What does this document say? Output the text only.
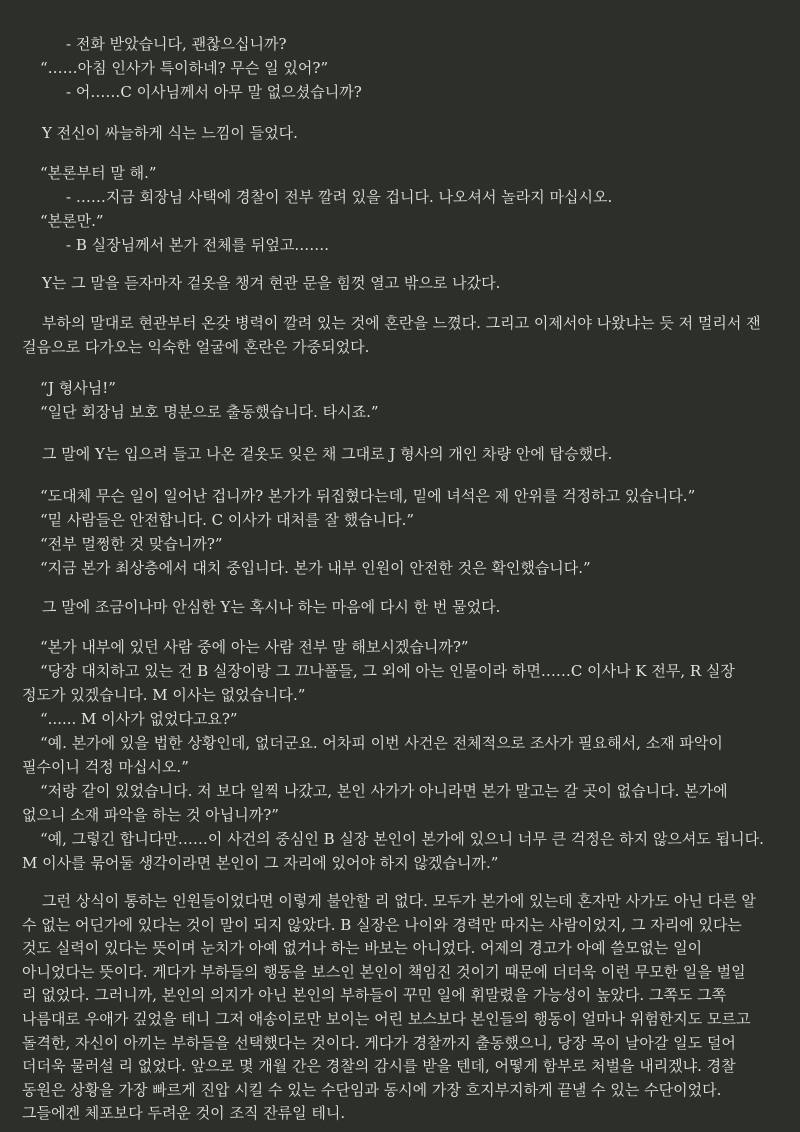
- 전화 받았습니다, 괜찮으십니까?
“……아침 인사가 특이하네? 무슨 일 있어?”
- 어……C 이사님께서 아무 말 없으셨습니까?
Y 전신이 싸늘하게 식는 느낌이 들었다.
“본론부터 말 해.”
- ……지금 회장님 사택에 경찰이 전부 깔려 있을 겁니다. 나오셔서 놀라지 마십시오.
“본론만.”
- B 실장님께서 본가 전체를 뒤엎고…….
Y는 그 말을 듣자마자 겉옷을 챙겨 현관 문을 힘껏 열고 밖으로 나갔다.
부하의 말대로 현관부터 온갖 병력이 깔려 있는 것에 혼란을 느꼈다. 그리고 이제서야 나왔냐는 듯 저 멀리서 잰
걸음으로 다가오는 익숙한 얼굴에 혼란은 가중되었다.
“J 형사님!”
“일단 회장님 보호 명분으로 출동했습니다. 타시죠.”
그 말에 Y는 입으려 들고 나온 겉옷도 잊은 채 그대로 J 형사의 개인 차량 안에 탑승했다.
“도대체 무슨 일이 일어난 겁니까? 본가가 뒤집혔다는데, 밑에 녀석은 제 안위를 걱정하고 있습니다.”
“밑 사람들은 안전합니다. C 이사가 대처를 잘 했습니다.”
“전부 멀쩡한 것 맞습니까?”
“지금 본가 최상층에서 대치 중입니다. 본가 내부 인원이 안전한 것은 확인했습니다.”
그 말에 조금이나마 안심한 Y는 혹시나 하는 마음에 다시 한 번 물었다.
“본가 내부에 있던 사람 중에 아는 사람 전부 말 해보시겠습니까?”
“당장 대치하고 있는 건 B 실장이랑 그 끄나풀들, 그 외에 아는 인물이라 하면……C 이사나 K 전무, R 실장
정도가 있겠습니다. M 이사는 없었습니다.”
“...... M 이사가 없었다고요?”
“예. 본가에 있을 법한 상황인데, 없더군요. 어차피 이번 사건은 전체적으로 조사가 필요해서, 소재 파악이
필수이니 걱정 마십시오.”
“저랑 같이 있었습니다. 저 보다 일찍 나갔고, 본인 사가가 아니라면 본가 말고는 갈 곳이 없습니다. 본가에
없으니 소재 파악을 하는 것 아닙니까?”
“예, 그렇긴 합니다만……이 사건의 중심인 B 실장 본인이 본가에 있으니 너무 큰 걱정은 하지 않으셔도 됩니다.
M 이사를 묶어둘 생각이라면 본인이 그 자리에 있어야 하지 않겠습니까.”
그런 상식이 통하는 인원들이었다면 이렇게 불안할 리 없다. 모두가 본가에 있는데 혼자만 사가도 아닌 다른 알
수 없는 어딘가에 있다는 것이 말이 되지 않았다. B 실장은 나이와 경력만 따지는 사람이었지, 그 자리에 있다는
것도 실력이 있다는 뜻이며 눈치가 아예 없거나 하는 바보는 아니었다. 어제의 경고가 아예 쓸모없는 일이
아니었다는 뜻이다. 게다가 부하들의 행동을 보스인 본인이 책임진 것이기 때문에 더더욱 이런 무모한 일을 벌일
리 없었다. 그러니까, 본인의 의지가 아닌 본인의 부하들이 꾸민 일에 휘말렸을 가능성이 높았다. 그쪽도 그쪽
나름대로 우애가 깊었을 테니 그저 애송이로만 보이는 어린 보스보다 본인들의 행동이 얼마나 위험한지도 모르고
돌격한, 자신이 아끼는 부하들을 선택했다는 것이다. 게다가 경찰까지 출동했으니, 당장 목이 날아갈 일도 덜어
더더욱 물러설 리 없었다. 앞으로 몇 개월 간은 경찰의 감시를 받을 텐데, 어떻게 함부로 처벌을 내리겠냐. 경찰
동원은 상황을 가장 빠르게 진압 시킬 수 있는 수단임과 동시에 가장 흐지부지하게 끝낼 수 있는 수단이었다.
그들에겐 체포보다 두려운 것이 조직 잔류일 테니.
